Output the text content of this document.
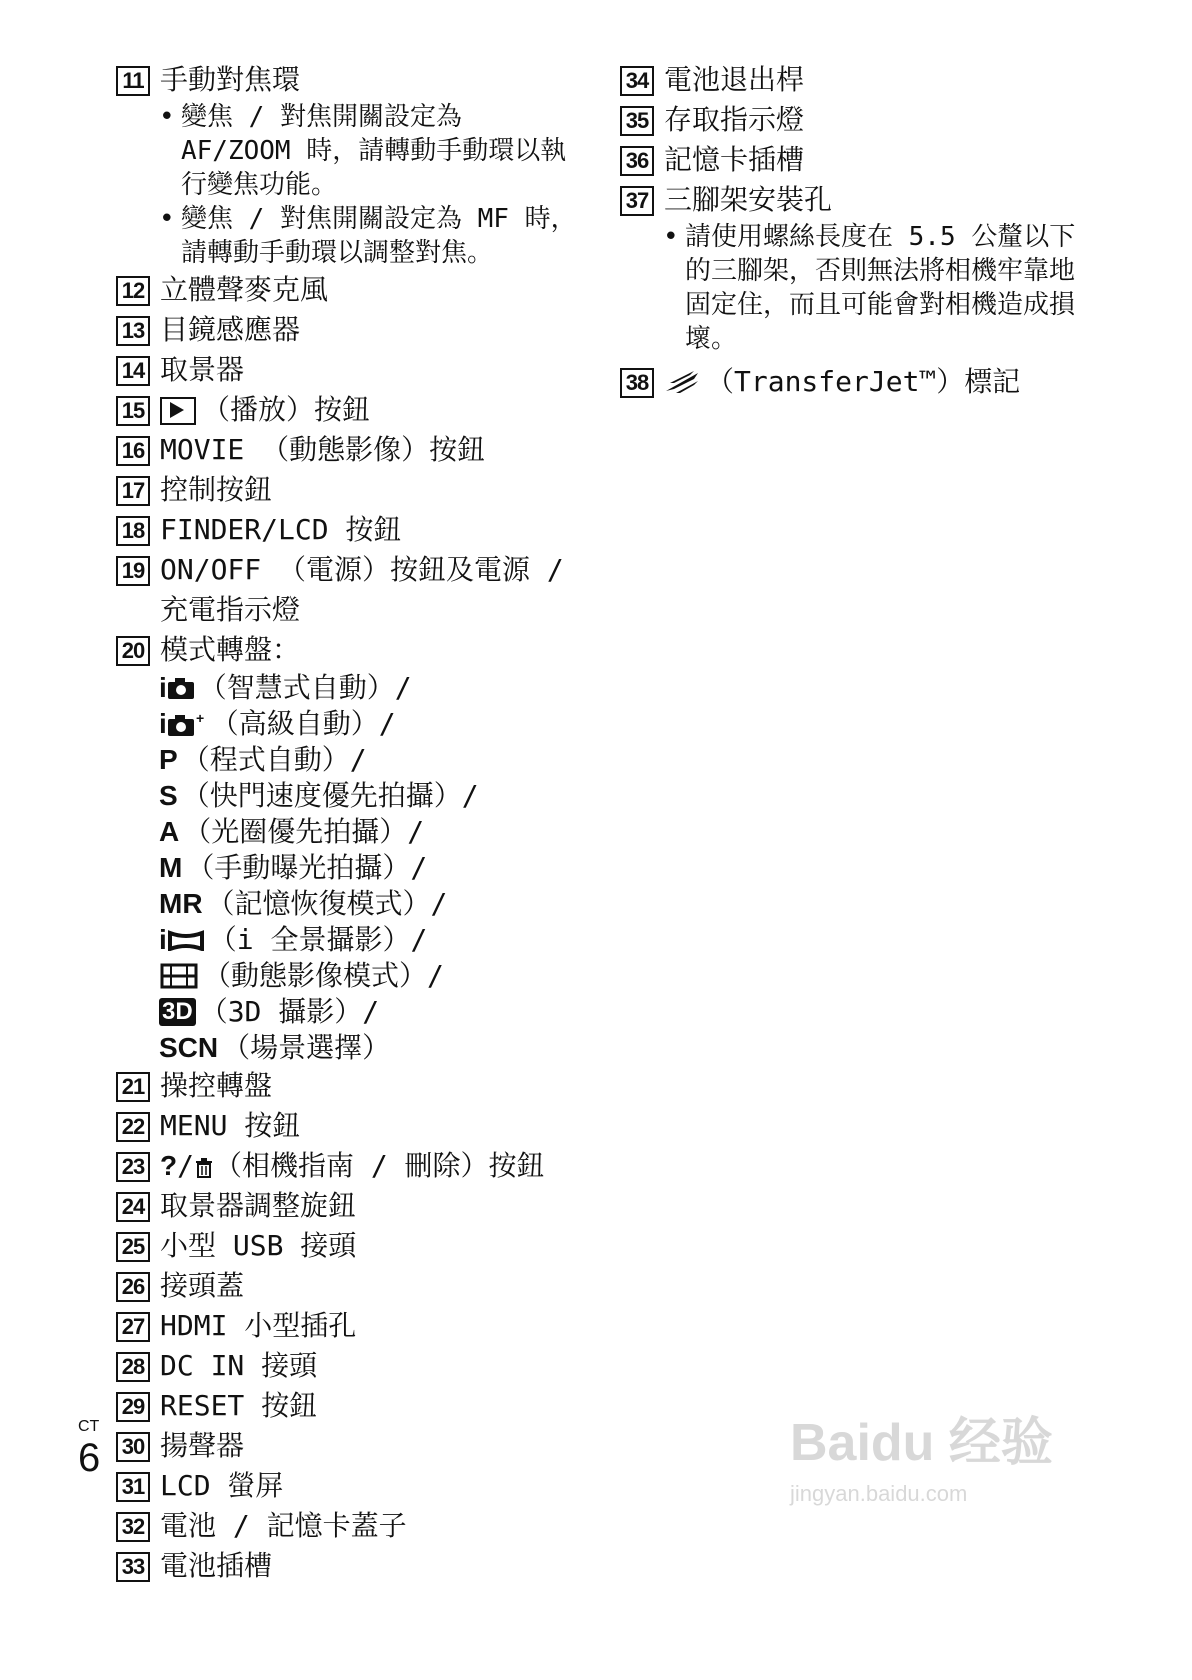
11 手動對焦環
• 變焦 / 對焦開關設定為 AF/ZOOM 時，請轉動手動環以執行變焦功能。
• 變焦 / 對焦開關設定為 MF 時，請轉動手動環以調整對焦。
12 立體聲麥克風
13 目鏡感應器
14 取景器
15	（播放）按鈕
16 MOVIE （動態影像）按鈕
17 控制按鈕
18 FINDER/LCD 按鈕
19 ON/OFF （電源）按鈕及電源 / 充電指示燈
20 模式轉盤：
i （智慧式自動）/
i + （高級自動）/
P （程式自動）/
S （快門速度優先拍攝）/
A （光圈優先拍攝）/
M （手動曝光拍攝）/
MR （記憶恢復模式）/
i （i 全景攝影）/
（動態影像模式）/
3D （3D 攝影）/
SCN （場景選擇）
21 操控轉盤
22 MENU 按鈕
23 ?/ （相機指南 / 刪除）按鈕
24 取景器調整旋鈕
25 小型 USB 接頭
26 接頭蓋
27 HDMI 小型插孔
28 DC IN 接頭
29 RESET 按鈕
30 揚聲器
31 LCD 螢屏
32 電池 / 記憶卡蓋子
33 電池插槽
34 電池退出桿
35 存取指示燈
36 記憶卡插槽
37 三腳架安裝孔
• 請使用螺絲長度在 5.5 公釐以下的三腳架，否則無法將相機牢靠地固定住，而且可能會對相機造成損壞。
38	（TransferJet™）標記
CT
6	Baidu 经验
jingyan.baidu.com
